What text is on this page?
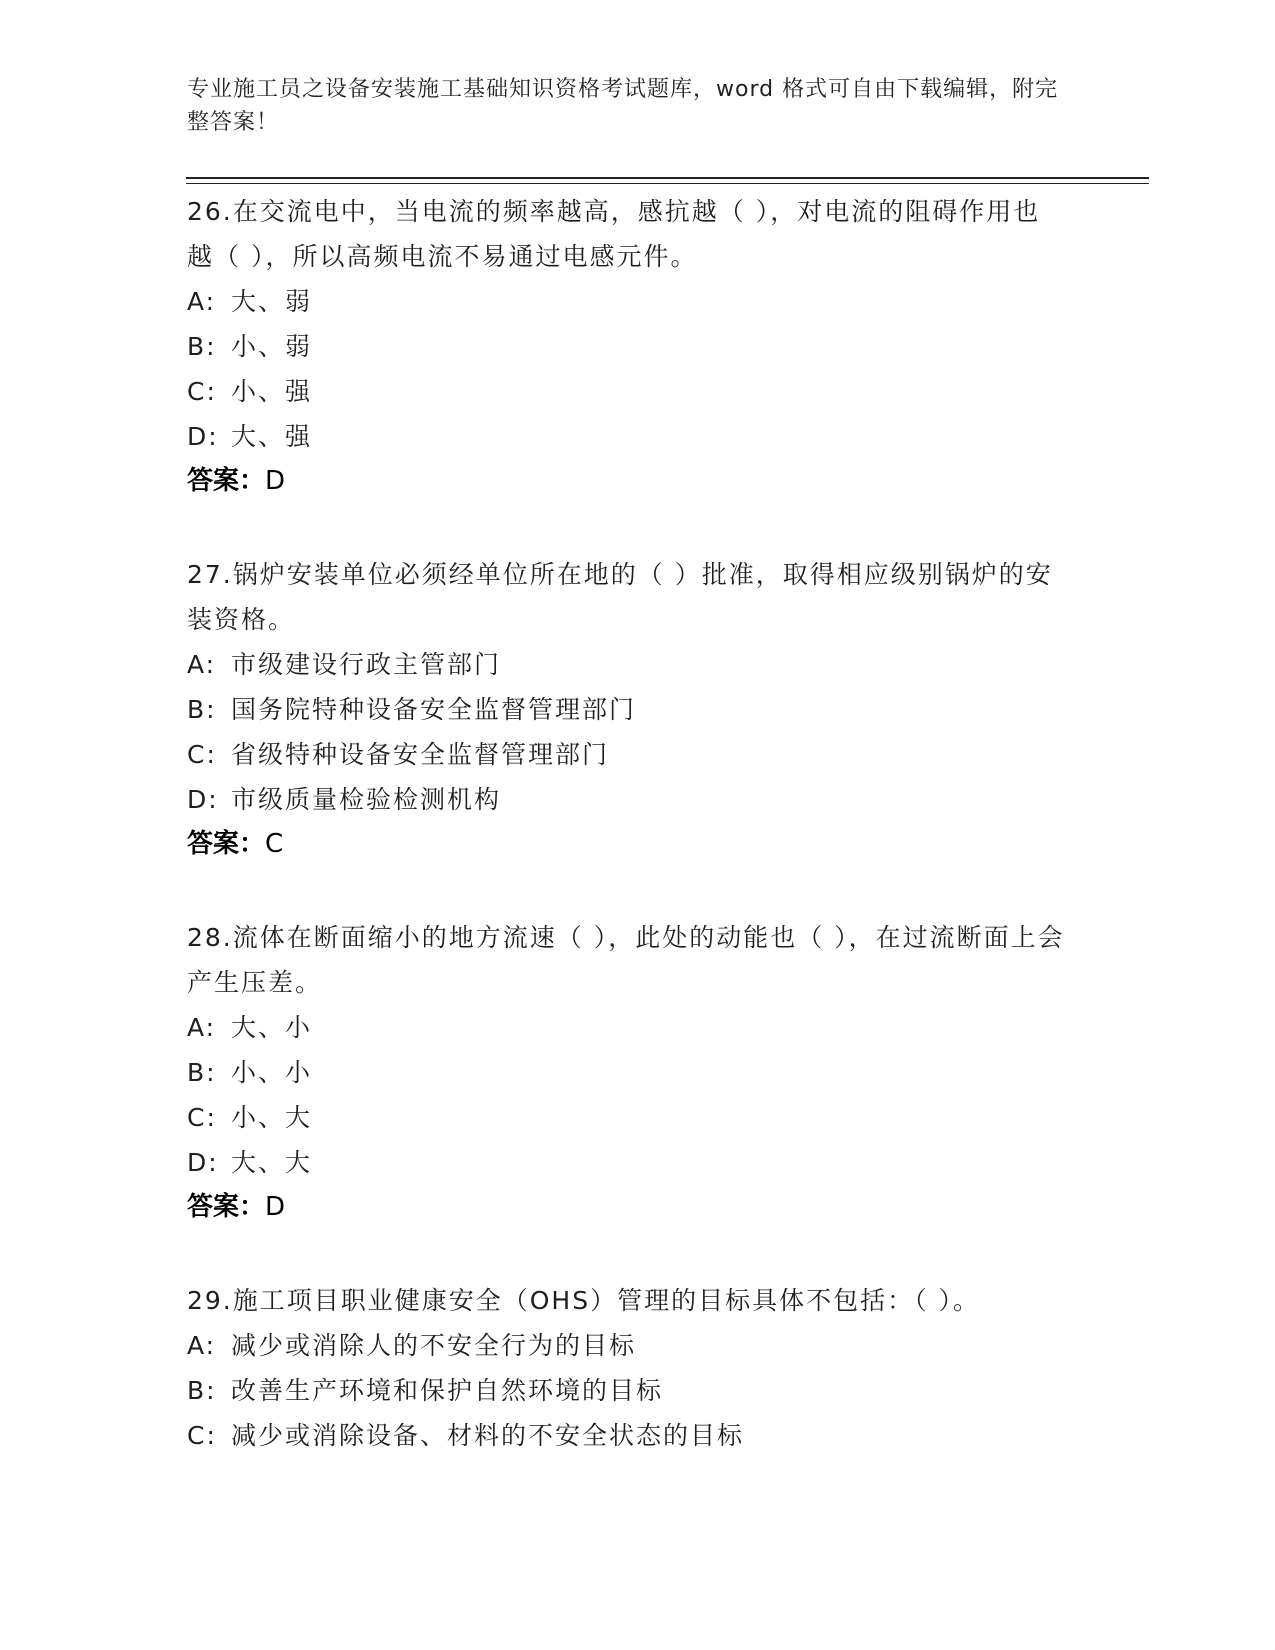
专业施工员之设备安装施工基础知识资格考试题库，word 格式可自由下载编辑，附完整答案！
26.在交流电中，当电流的频率越高，感抗越（ ），对电流的阻碍作用也越（ ），所以高频电流不易通过电感元件。
A: 大、弱
B: 小、弱
C: 小、强
D: 大、强
答案：D
27.锅炉安装单位必须经单位所在地的（ ）批准，取得相应级别锅炉的安装资格。
A: 市级建设行政主管部门
B: 国务院特种设备安全监督管理部门
C: 省级特种设备安全监督管理部门
D: 市级质量检验检测机构
答案：C
28.流体在断面缩小的地方流速（ ），此处的动能也（ ），在过流断面上会产生压差。
A: 大、小
B: 小、小
C: 小、大
D: 大、大
答案：D
29.施工项目职业健康安全（OHS）管理的目标具体不包括：（ ）。
A: 减少或消除人的不安全行为的目标
B: 改善生产环境和保护自然环境的目标
C: 减少或消除设备、材料的不安全状态的目标
